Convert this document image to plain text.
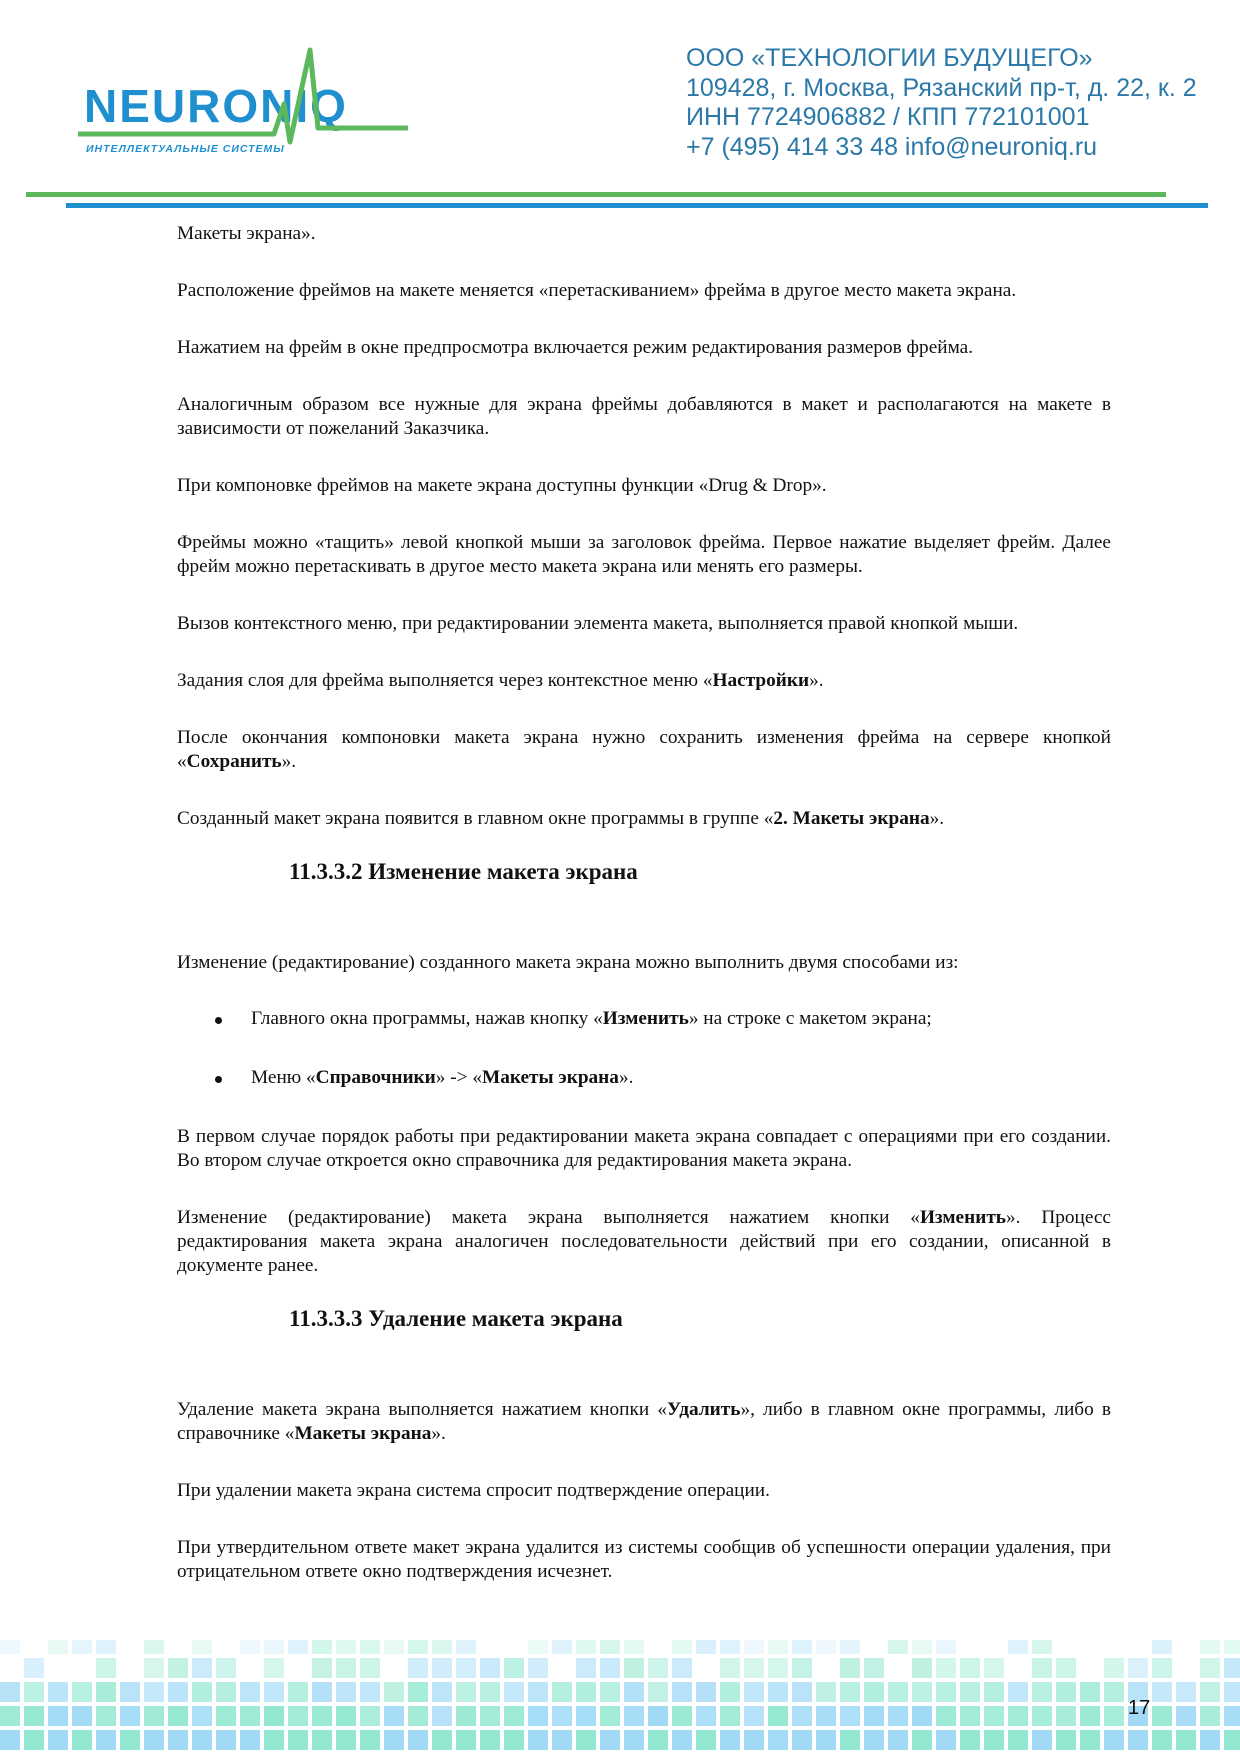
NEURONIQ
ИНТЕЛЛЕКТУАЛЬНЫЕ СИСТЕМЫ
ООО «ТЕХНОЛОГИИ БУДУЩЕГО»
109428, г. Москва, Рязанский пр-т, д. 22, к. 2
ИНН 7724906882 / КПП 772101001
+7 (495) 414 33 48 info@neuroniq.ru
Макеты экрана».
Расположение фреймов на макете меняется «перетаскиванием» фрейма в другое место макета экрана.
Нажатием на фрейм в окне предпросмотра включается режим редактирования размеров фрейма.
Аналогичным образом все нужные для экрана фреймы добавляются в макет и располагаются на макете в зависимости от пожеланий Заказчика.
При компоновке фреймов на макете экрана доступны функции «Drug & Drop».
Фреймы можно «тащить» левой кнопкой мыши за заголовок фрейма. Первое нажатие выделяет фрейм. Далее фрейм можно перетаскивать в другое место макета экрана или менять его размеры.
Вызов контекстного меню, при редактировании элемента макета, выполняется правой кнопкой мыши.
Задания слоя для фрейма выполняется через контекстное меню «Настройки».
После окончания компоновки макета экрана нужно сохранить изменения фрейма на сервере кнопкой «Сохранить».
Созданный макет экрана появится в главном окне программы в группе «2. Макеты экрана».
11.3.3.2 Изменение макета экрана
Изменение (редактирование) созданного макета экрана можно выполнить двумя способами из:
Главного окна программы, нажав кнопку «Изменить» на строке с макетом экрана;
Меню «Справочники» -> «Макеты экрана».
В первом случае порядок работы при редактировании макета экрана совпадает с операциями при его создании. Во втором случае откроется окно справочника для редактирования макета экрана.
Изменение (редактирование) макета экрана выполняется нажатием кнопки «Изменить». Процесс редактирования макета экрана аналогичен последовательности действий при его создании, описанной в документе ранее.
11.3.3.3 Удаление макета экрана
Удаление макета экрана выполняется нажатием кнопки «Удалить», либо в главном окне программы, либо в справочнике «Макеты экрана».
При удалении макета экрана система спросит подтверждение операции.
При утвердительном ответе макет экрана удалится из системы сообщив об успешности операции удаления, при отрицательном ответе окно подтверждения исчезнет.
17
